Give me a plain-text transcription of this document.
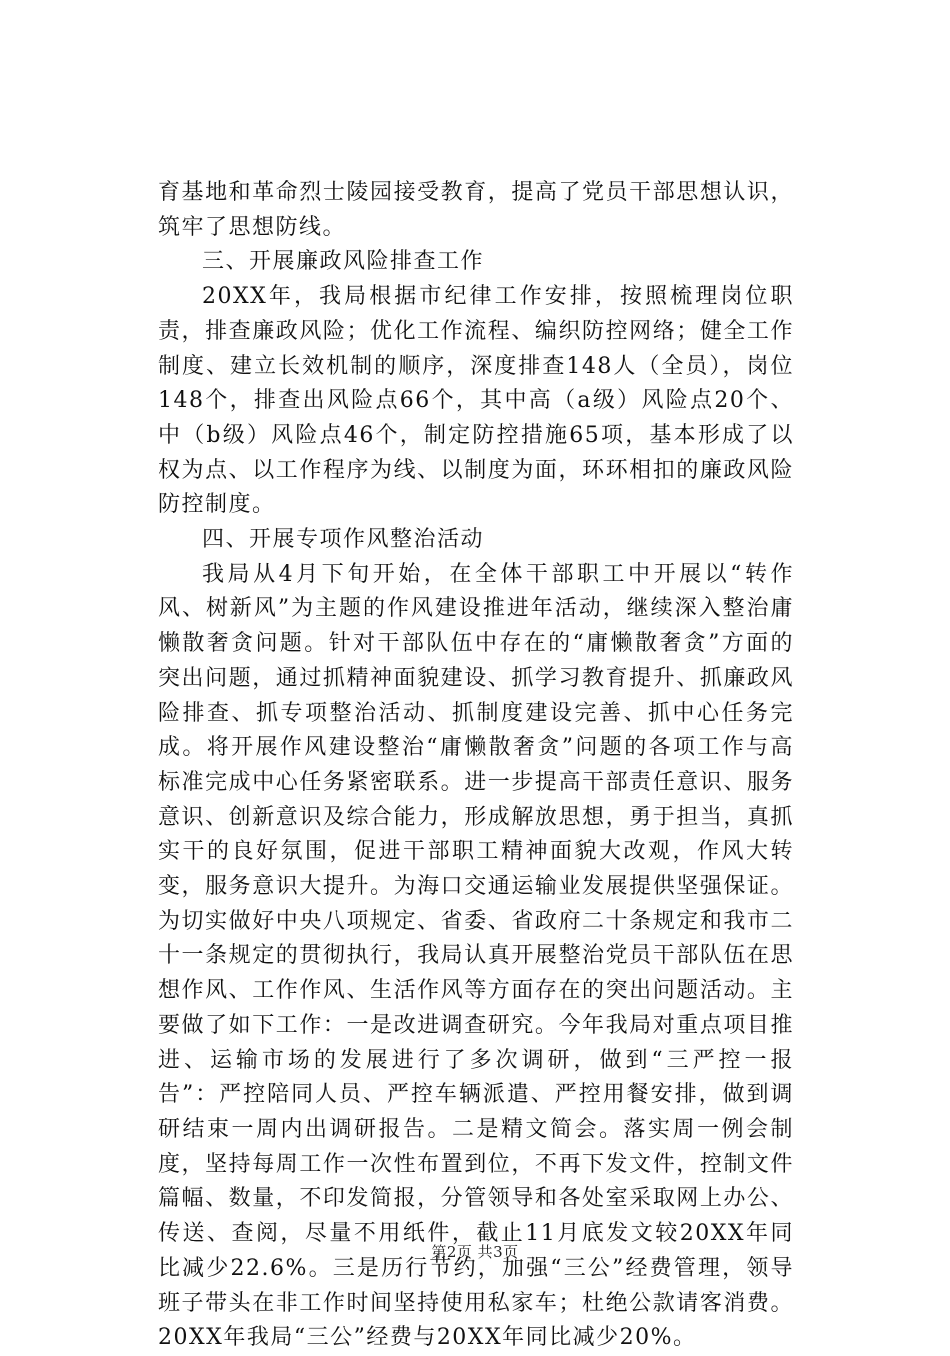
育基地和革命烈士陵园接受教育，提高了党员干部思想认识，筑牢了思想防线。

三、开展廉政风险排查工作

20XX年，我局根据市纪律工作安排，按照梳理岗位职责，排查廉政风险；优化工作流程、编织防控网络；健全工作制度、建立长效机制的顺序，深度排查148人（全员），岗位148个，排查出风险点66个，其中高（a级）风险点20个、中（b级）风险点46个，制定防控措施65项，基本形成了以权为点、以工作程序为线、以制度为面，环环相扣的廉政风险防控制度。

四、开展专项作风整治活动

我局从4月下旬开始，在全体干部职工中开展以“转作风、树新风”为主题的作风建设推进年活动，继续深入整治庸懒散奢贪问题。针对干部队伍中存在的“庸懒散奢贪”方面的突出问题，通过抓精神面貌建设、抓学习教育提升、抓廉政风险排查、抓专项整治活动、抓制度建设完善、抓中心任务完成。将开展作风建设整治“庸懒散奢贪”问题的各项工作与高标准完成中心任务紧密联系。进一步提高干部责任意识、服务意识、创新意识及综合能力，形成解放思想，勇于担当，真抓实干的良好氛围，促进干部职工精神面貌大改观，作风大转变，服务意识大提升。为海口交通运输业发展提供坚强保证。为切实做好中央八项规定、省委、省政府二十条规定和我市二十一条规定的贯彻执行，我局认真开展整治党员干部队伍在思想作风、工作作风、生活作风等方面存在的突出问题活动。主要做了如下工作：一是改进调查研究。今年我局对重点项目推进、运输市场的发展进行了多次调研，做到“三严控一报告”：严控陪同人员、严控车辆派遣、严控用餐安排，做到调研结束一周内出调研报告。二是精文简会。落实周一例会制度，坚持每周工作一次性布置到位，不再下发文件，控制文件篇幅、数量，不印发简报，分管领导和各处室采取网上办公、传送、查阅，尽量不用纸件，截止11月底发文较20XX年同比减少22.6%。三是历行节约，加强“三公”经费管理，领导班子带头在非工作时间坚持使用私家车；杜绝公款请客消费。20XX年我局“三公”经费与20XX年同比减少20%。

第2页 共3页
